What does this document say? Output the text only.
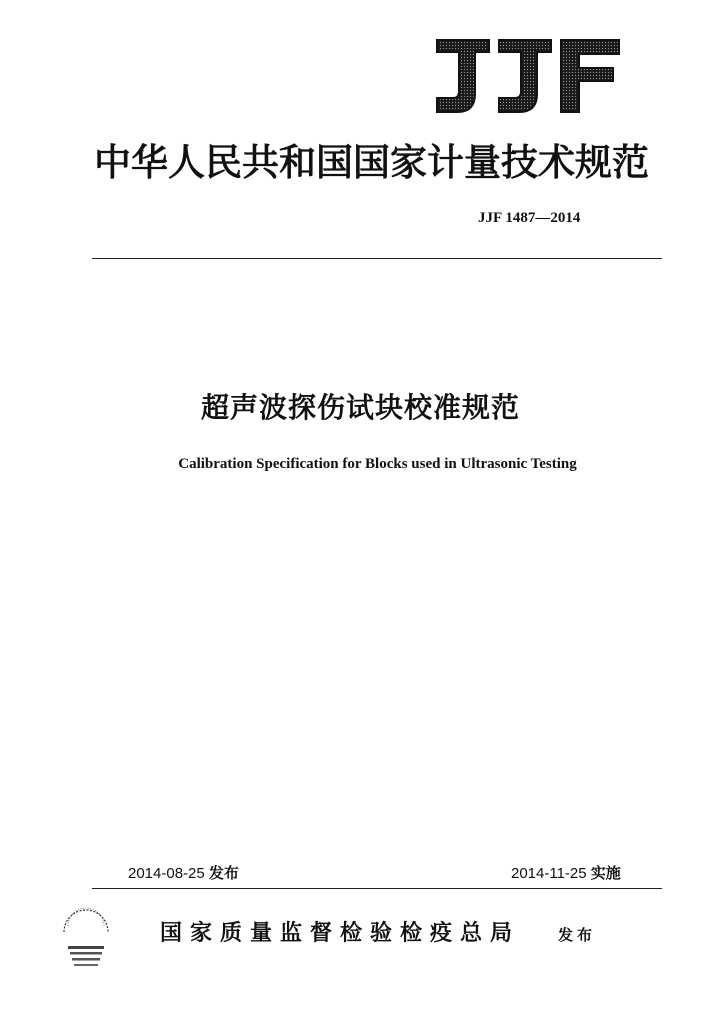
中华人民共和国国家计量技术规范
JJF 1487—2014
超声波探伤试块校准规范
Calibration Specification for Blocks used in Ultrasonic Testing
2014-08-25 发布	2014-11-25 实施
国家质量监督检验检疫总局	发布
